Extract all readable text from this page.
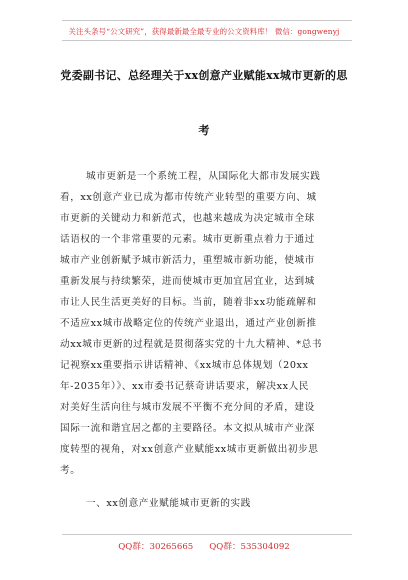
关注头条号“公文研究”，获得最新最全最专业的公文资料库！ 微信：gongwenyj
党委副书记、总经理关于xx创意产业赋能xx城市更新的思
考
城市更新是一个系统工程，从国际化大都市发展实践
看，xx创意产业已成为都市传统产业转型的重要方向、城
市更新的关键动力和新范式，也越来越成为决定城市全球
话语权的一个非常重要的元素。城市更新重点着力于通过
城市产业创新赋予城市新活力，重塑城市新功能，使城市
重新发展与持续繁荣，进而使城市更加宜居宜业，达到城
市让人民生活更美好的目标。当前，随着非xx功能疏解和
不适应xx城市战略定位的传统产业退出，通过产业创新推
动xx城市更新的过程就是贯彻落实党的十九大精神、*总书
记视察xx重要指示讲话精神、《xx城市总体规划（20xx
年-2035年）》、xx市委书记蔡奇讲话要求，解决xx人民
对美好生活向往与城市发展不平衡不充分间的矛盾，建设
国际一流和谐宜居之都的主要路径。本文拟从城市产业深
度转型的视角，对xx创意产业赋能xx城市更新做出初步思
考。
一、xx创意产业赋能城市更新的实践
QQ群：30265665 QQ群：535304092
